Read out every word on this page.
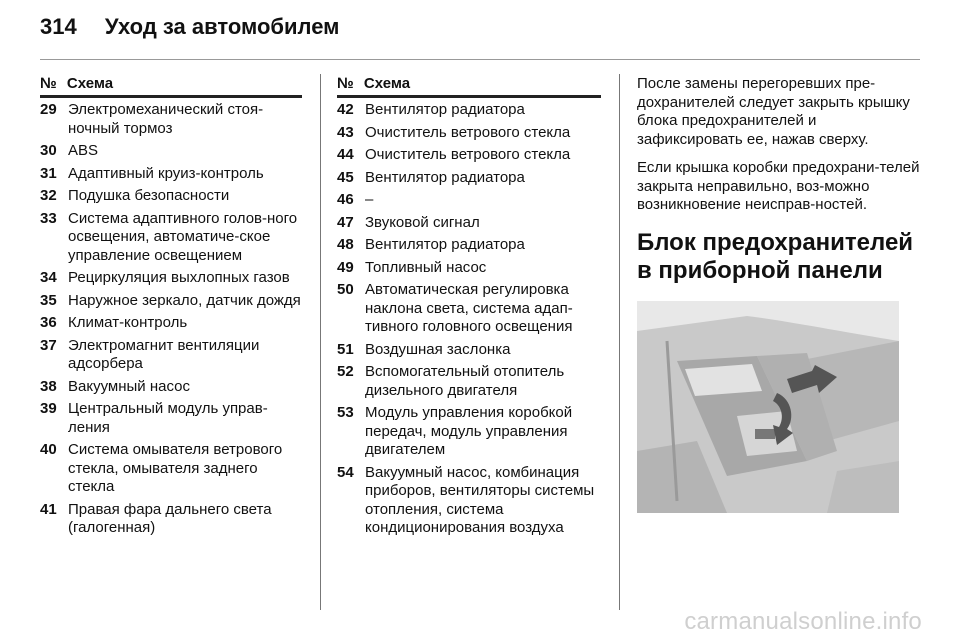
314 Уход за автомобилем
№ Схема
29 Электромеханический стоя-ночный тормоз
30 ABS
31 Адаптивный круиз-контроль
32 Подушка безопасности
33 Система адаптивного голов-ного освещения, автоматиче-ское управление освещением
34 Рециркуляция выхлопных газов
35 Наружное зеркало, датчик дождя
36 Климат-контроль
37 Электромагнит вентиляции адсорбера
38 Вакуумный насос
39 Центральный модуль управ-ления
40 Система омывателя ветрового стекла, омывателя заднего стекла
41 Правая фара дальнего света (галогенная)
№ Схема
42 Вентилятор радиатора
43 Очиститель ветрового стекла
44 Очиститель ветрового стекла
45 Вентилятор радиатора
46 –
47 Звуковой сигнал
48 Вентилятор радиатора
49 Топливный насос
50 Автоматическая регулировка наклона света, система адап-тивного головного освещения
51 Воздушная заслонка
52 Вспомогательный отопитель дизельного двигателя
53 Модуль управления коробкой передач, модуль управления двигателем
54 Вакуумный насос, комбинация приборов, вентиляторы системы отопления, система кондиционирования воздуха
После замены перегоревших пре-дохранителей следует закрыть крышку блока предохранителей и зафиксировать ее, нажав сверху.
Если крышка коробки предохрани-телей закрыта неправильно, воз-можно возникновение неисправ-ностей.
Блок предохранителей в приборной панели
carmanualsonline.info
